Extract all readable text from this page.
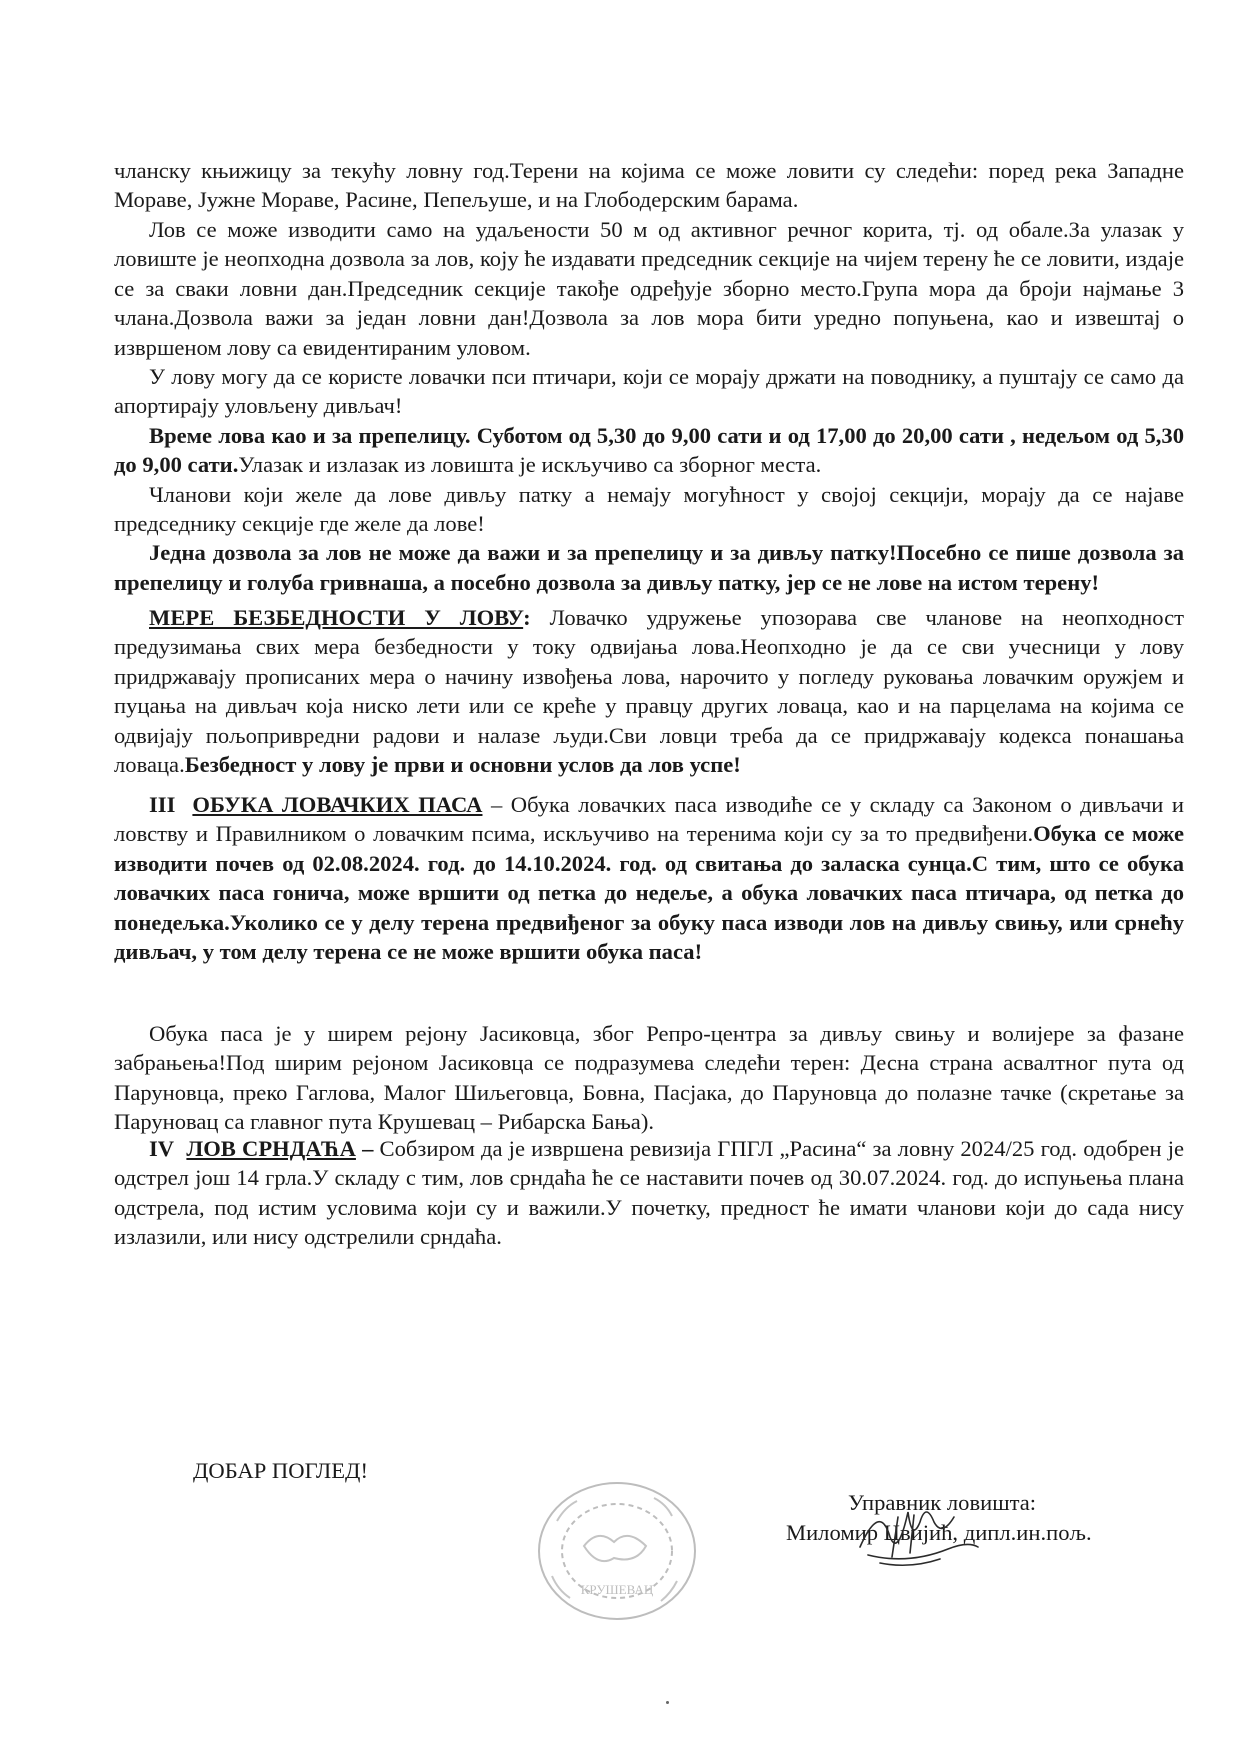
чланску књижицу за текућу ловну год.Терени на којима се може ловити су следећи: поред река Западне Мораве, Јужне Мораве, Расине, Пепељуше, и на Глободерским барама.

Лов се може изводити само на удаљености 50 м од активног речног корита, тј. од обале.За улазак у ловиште је неопходна дозвола за лов, коју ће издавати председник секције на чијем терену ће се ловити, издаје се за сваки ловни дан.Председник секције такође одређује зборно место.Група мора да броји најмање 3 члана.Дозвола важи за један ловни дан!Дозвола за лов мора бити уредно попуњена, као и извештај о извршеном лову са евидентираним уловом.

У лову могу да се користе ловачки пси птичари, који се морају држати на поводнику, а пуштају се само да апортирају уловљену дивљач!

Време лова као и за препелицу. Суботом од 5,30 до 9,00 сати и од 17,00 до 20,00 сати , недељом од 5,30 до 9,00 сати.Улазак и излазак из ловишта је искључиво са зборног места.

Чланови који желе да лове дивљу патку а немају могућност у својој секцији, морају да се најаве председнику секције где желе да лове!

Једна дозвола за лов не може да важи и за препелицу и за дивљу патку!Посебно се пише дозвола за препелицу и голуба гривнаша, а посебно дозвола за дивљу патку, јер се не лове на истом терену!

МЕРЕ БЕЗБЕДНОСТИ У ЛОВУ: Ловачко удружење упозорава све чланове на неопходност предузимања свих мера безбедности у току одвијања лова.Неопходно је да се сви учесници у лову придржавају прописаних мера о начину извођења лова, нарочито у погледу руковања ловачким оружјем и пуцања на дивљач која ниско лети или се креће у правцу других ловаца, као и на парцелама на којима се одвијају пољопривредни радови и налазе људи.Сви ловци треба да се придржавају кодекса понашања ловаца.Безбедност у лову је први и основни услов да лов успе!

III ОБУКА ЛОВАЧКИХ ПАСА – Обука ловачких паса изводиће се у складу са Законом о дивљачи и ловству и Правилником о ловачким псима, искључиво на теренима који су за то предвиђени.Обука се може изводити почев од 02.08.2024. год. до 14.10.2024. год. од свитања до заласка сунца.С тим, што се обука ловачких паса гонича, може вршити од петка до недеље, а обука ловачких паса птичара, од петка до понедељка.Уколико се у делу терена предвиђеног за обуку паса изводи лов на дивљу свињу, или срнећу дивљач, у том делу терена се не може вршити обука паса!

Обука паса је у ширем рејону Јасиковца, због Репро-центра за дивљу свињу и волијере за фазане забрањења!Под ширим рејоном Јасиковца се подразумева следећи терен: Десна страна асвалтног пута од Паруновца, преко Гаглова, Малог Шиљеговца, Бовна, Пасјака, до Паруновца до полазне тачке (скретање за Паруновац са главног пута Крушевац – Рибарска Бања).

IV ЛОВ СРНДАЋА – Собзиром да је извршена ревизија ГПГЛ „Расина“ за ловну 2024/25 год. одобрен је одстрел још 14 грла.У складу с тим, лов срндаћа ће се наставити почев од 30.07.2024. год. до испуњења плана одстрела, под истим условима који су и важили.У почетку, предност ће имати чланови који до сада нису излазили, или нису одстрелили срндаћа.

ДОБАР ПОГЛЕД!
КРУШЕВАЦ
Управник ловишта:
Миломир Цвијић, дипл.ин.пољ.
